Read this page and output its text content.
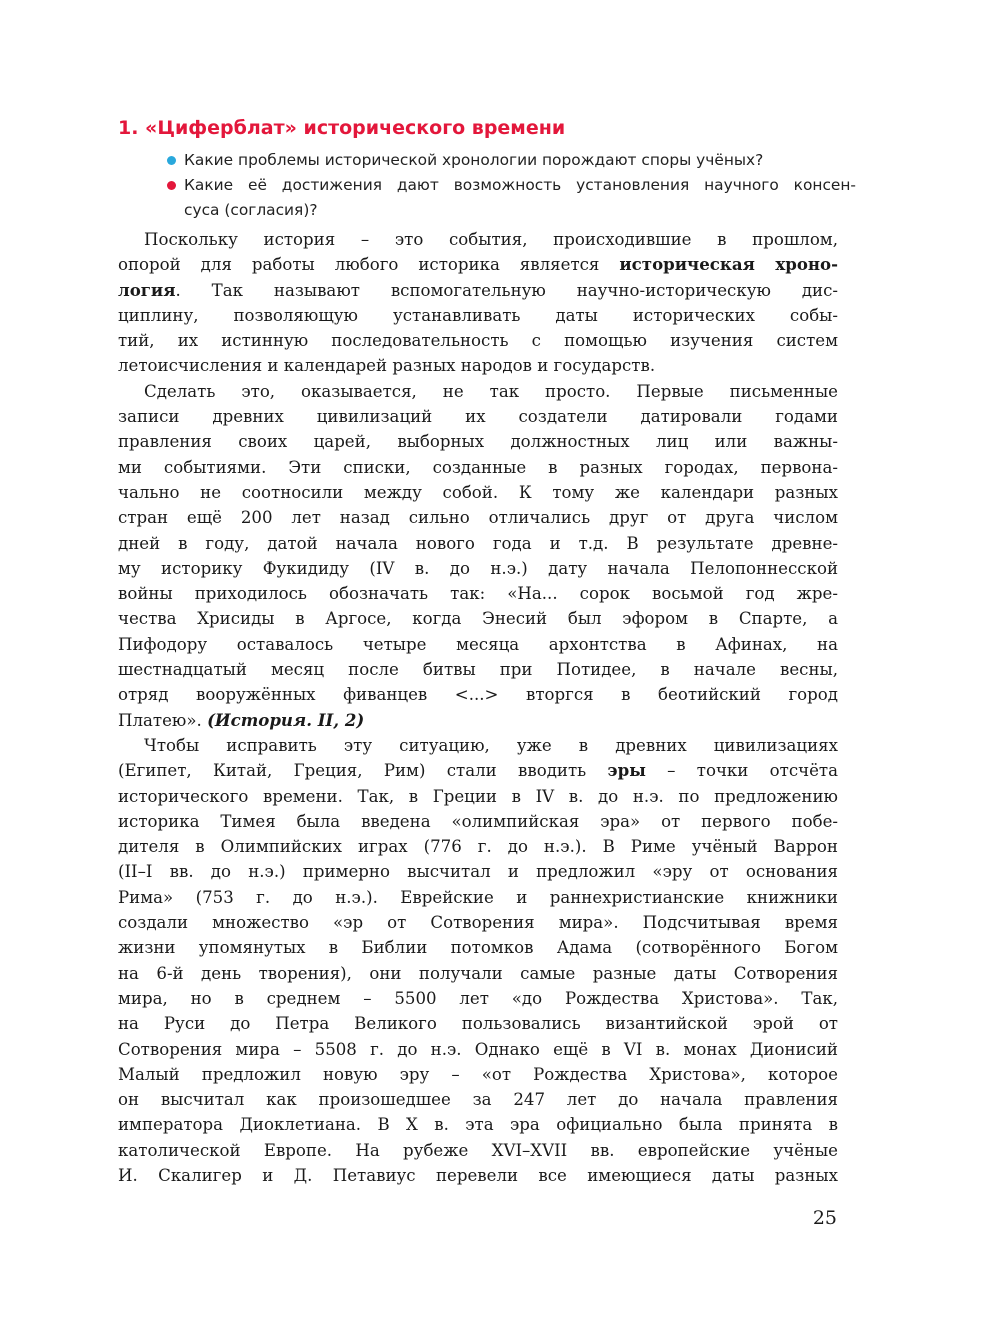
1. «Циферблат» исторического времени
Какие проблемы исторической хронологии порождают споры учёных?
Какие её достижения дают возможность установления научного консен-
суса (согласия)?
Поскольку история – это события, происходившие в прошлом,
опорой для работы любого историка является историческая хроно-
логия. Так называют вспомогательную научно-историческую дис-
циплину, позволяющую устанавливать даты исторических собы-
тий, их истинную последовательность с помощью изучения систем
летоисчисления и календарей разных народов и государств.
Сделать это, оказывается, не так просто. Первые письменные
записи древних цивилизаций их создатели датировали годами
правления своих царей, выборных должностных лиц или важны-
ми событиями. Эти списки, созданные в разных городах, первона-
чально не соотносили между собой. К тому же календари разных
стран ещё 200 лет назад сильно отличались друг от друга числом
дней в году, датой начала нового года и т.д. В результате древне-
му историку Фукидиду (IV в. до н.э.) дату начала Пелопоннесской
войны приходилось обозначать так: «На... сорок восьмой год жре-
чества Хрисиды в Аргосе, когда Энесий был эфором в Спарте, а
Пифодору оставалось четыре месяца архонтства в Афинах, на
шестнадцатый месяц после битвы при Потидее, в начале весны,
отряд вооружённых фиванцев <...> вторгся в беотийский город
Платею». (История. II, 2)
Чтобы исправить эту ситуацию, уже в древних цивилизациях
(Египет, Китай, Греция, Рим) стали вводить эры – точки отсчёта
исторического времени. Так, в Греции в IV в. до н.э. по предложению
историка Тимея была введена «олимпийская эра» от первого побе-
дителя в Олимпийских играх (776 г. до н.э.). В Риме учёный Варрон
(II–I вв. до н.э.) примерно высчитал и предложил «эру от основания
Рима» (753 г. до н.э.). Еврейские и раннехристианские книжники
создали множество «эр от Сотворения мира». Подсчитывая время
жизни упомянутых в Библии потомков Адама (сотворённого Богом
на 6-й день творения), они получали самые разные даты Сотворения
мира, но в среднем – 5500 лет «до Рождества Христова». Так,
на Руси до Петра Великого пользовались византийской эрой от
Сотворения мира – 5508 г. до н.э. Однако ещё в VI в. монах Дионисий
Малый предложил новую эру – «от Рождества Христова», которое
он высчитал как произошедшее за 247 лет до начала правления
императора Диоклетиана. В X в. эта эра официально была принята в
католической Европе. На рубеже XVI–XVII вв. европейские учёные
И. Скалигер и Д. Петавиус перевели все имеющиеся даты разных
25
